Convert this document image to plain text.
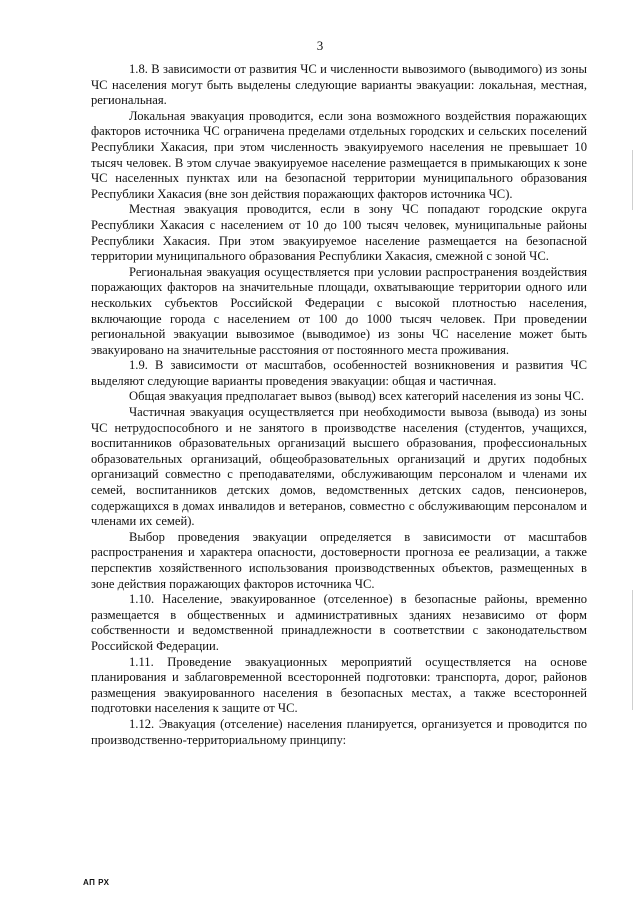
3

1.8. В зависимости от развития ЧС и численности вывозимого (выводимого) из зоны ЧС населения могут быть выделены следующие варианты эвакуации: локальная, местная, региональная.

Локальная эвакуация проводится, если зона возможного воздействия поражающих факторов источника ЧС ограничена пределами отдельных городских и сельских поселений Республики Хакасия, при этом численность эвакуируемого населения не превышает 10 тысяч человек. В этом случае эвакуируемое население размещается в примыкающих к зоне ЧС населенных пунктах или на безопасной территории муниципального образования Республики Хакасия (вне зон действия поражающих факторов источника ЧС).

Местная эвакуация проводится, если в зону ЧС попадают городские округа Республики Хакасия с населением от 10 до 100 тысяч человек, муниципальные районы Республики Хакасия. При этом эвакуируемое население размещается на безопасной территории муниципального образования Республики Хакасия, смежной с зоной ЧС.

Региональная эвакуация осуществляется при условии распространения воздействия поражающих факторов на значительные площади, охватывающие территории одного или нескольких субъектов Российской Федерации с высокой плотностью населения, включающие города с населением от 100 до 1000 тысяч человек. При проведении региональной эвакуации вывозимое (выводимое) из зоны ЧС население может быть эвакуировано на значительные расстояния от постоянного места проживания.

1.9. В зависимости от масштабов, особенностей возникновения и развития ЧС выделяют следующие варианты проведения эвакуации: общая и частичная.

Общая эвакуация предполагает вывоз (вывод) всех категорий населения из зоны ЧС.

Частичная эвакуация осуществляется при необходимости вывоза (вывода) из зоны ЧС нетрудоспособного и не занятого в производстве населения (студентов, учащихся, воспитанников образовательных организаций высшего образования, профессиональных образовательных организаций, общеобразовательных организаций и других подобных организаций совместно с преподавателями, обслуживающим персоналом и членами их семей, воспитанников детских домов, ведомственных детских садов, пенсионеров, содержащихся в домах инвалидов и ветеранов, совместно с обслуживающим персоналом и членами их семей).

Выбор проведения эвакуации определяется в зависимости от масштабов распространения и характера опасности, достоверности прогноза ее реализации, а также перспектив хозяйственного использования производственных объектов, размещенных в зоне действия поражающих факторов источника ЧС.

1.10. Население, эвакуированное (отселенное) в безопасные районы, временно размещается в общественных и административных зданиях независимо от форм собственности и ведомственной принадлежности в соответствии с законодательством Российской Федерации.

1.11. Проведение эвакуационных мероприятий осуществляется на основе планирования и заблаговременной всесторонней подготовки: транспорта, дорог, районов размещения эвакуированного населения в безопасных местах, а также всесторонней подготовки населения к защите от ЧС.

1.12. Эвакуация (отселение) населения планируется, организуется и проводится по производственно-территориальному принципу:

АП РХ
